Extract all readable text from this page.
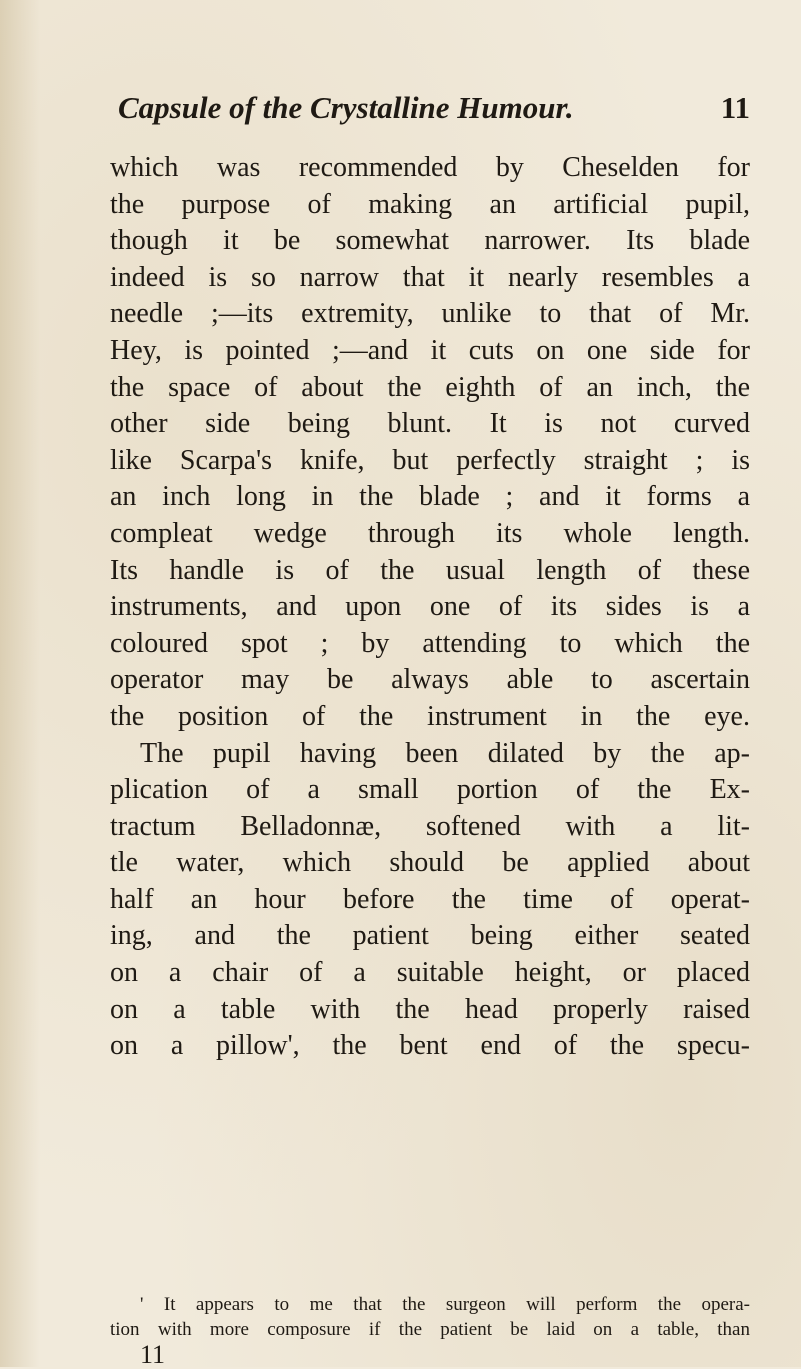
Capsule of the Crystalline Humour.	11
which was recommended by Cheselden for
the purpose of making an artificial pupil,
though it be somewhat narrower. Its blade
indeed is so narrow that it nearly resembles a
needle ;—its extremity, unlike to that of Mr.
Hey, is pointed ;—and it cuts on one side for
the space of about the eighth of an inch, the
other side being blunt. It is not curved
like Scarpa's knife, but perfectly straight ; is
an inch long in the blade ; and it forms a
compleat wedge through its whole length.
Its handle is of the usual length of these
instruments, and upon one of its sides is a
coloured spot ; by attending to which the
operator may be always able to ascertain
the position of the instrument in the eye.
The pupil having been dilated by the ap-
plication of a small portion of the Ex-
tractum Belladonnæ, softened with a lit-
tle water, which should be applied about
half an hour before the time of operat-
ing, and the patient being either seated
on a chair of a suitable height, or placed
on a table with the head properly raised
on a pillow', the bent end of the specu-
' It appears to me that the surgeon will perform the opera-
tion with more composure if the patient be laid on a table, than
11
